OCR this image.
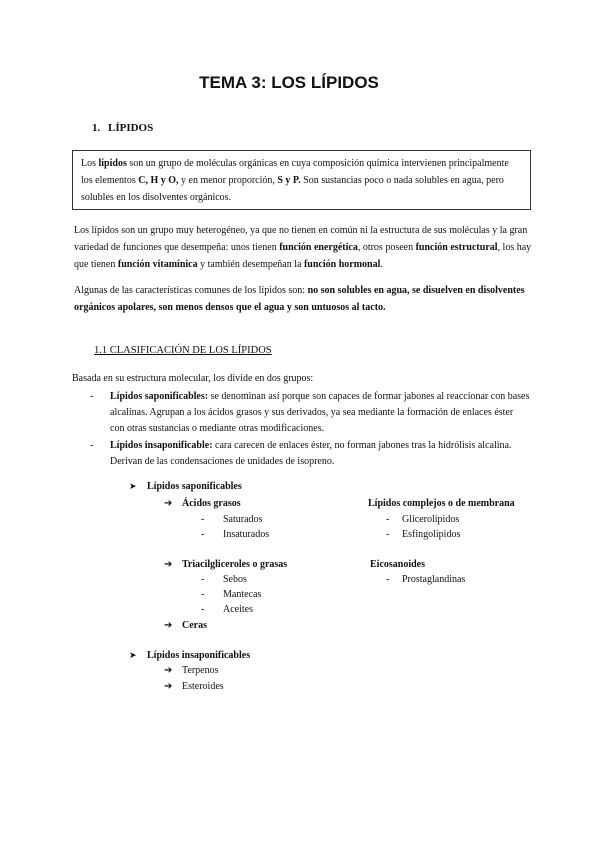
TEMA 3: LOS LÍPIDOS
1. LÍPIDOS
Los lípidos son un grupo de moléculas orgánicas en cuya composición química intervienen principalmente los elementos C, H y O, y en menor proporción, S y P. Son sustancias poco o nada solubles en agua, pero solubles en los disolventes orgánicos.
Los lípidos son un grupo muy heterogéneo, ya que no tienen en común ni la estructura de sus moléculas y la gran variedad de funciones que desempeña: unos tienen función energética, otros poseen función estructural, los hay que tienen función vitamínica y también desempeñan la función hormonal.
Algunas de las características comunes de los lípidos son: no son solubles en agua, se disuelven en disolventes orgánicos apolares, son menos densos que el agua y son untuosos al tacto.
1.1 CLASIFICACIÓN DE LOS LÍPIDOS
Basada en su estructura molecular, los divide en dos grupos:
- Lípidos saponificables: se denominan así porque son capaces de formar jabones al reaccionar con bases alcalinas. Agrupan a los ácidos grasos y sus derivados, ya sea mediante la formación de enlaces éster con otras sustancias o mediante otras modificaciones.
- Lípidos insaponificable: cara carecen de enlaces éster, no forman jabones tras la hidrólisis alcalina. Derivan de las condensaciones de unidades de isopreno.
➤ Lípidos saponificables
➔ Ácidos grasos
- Saturados
- Insaturados
Lípidos complejos o de membrana
- Glicerolípidos
- Esfingolípidos
➔ Triacilgliceroles o grasas
- Sebos
- Mantecas
- Aceites
➔ Ceras
Eicosanoides
- Prostaglandinas
➤ Lípidos insaponificables
➔ Terpenos
➔ Esteroides
